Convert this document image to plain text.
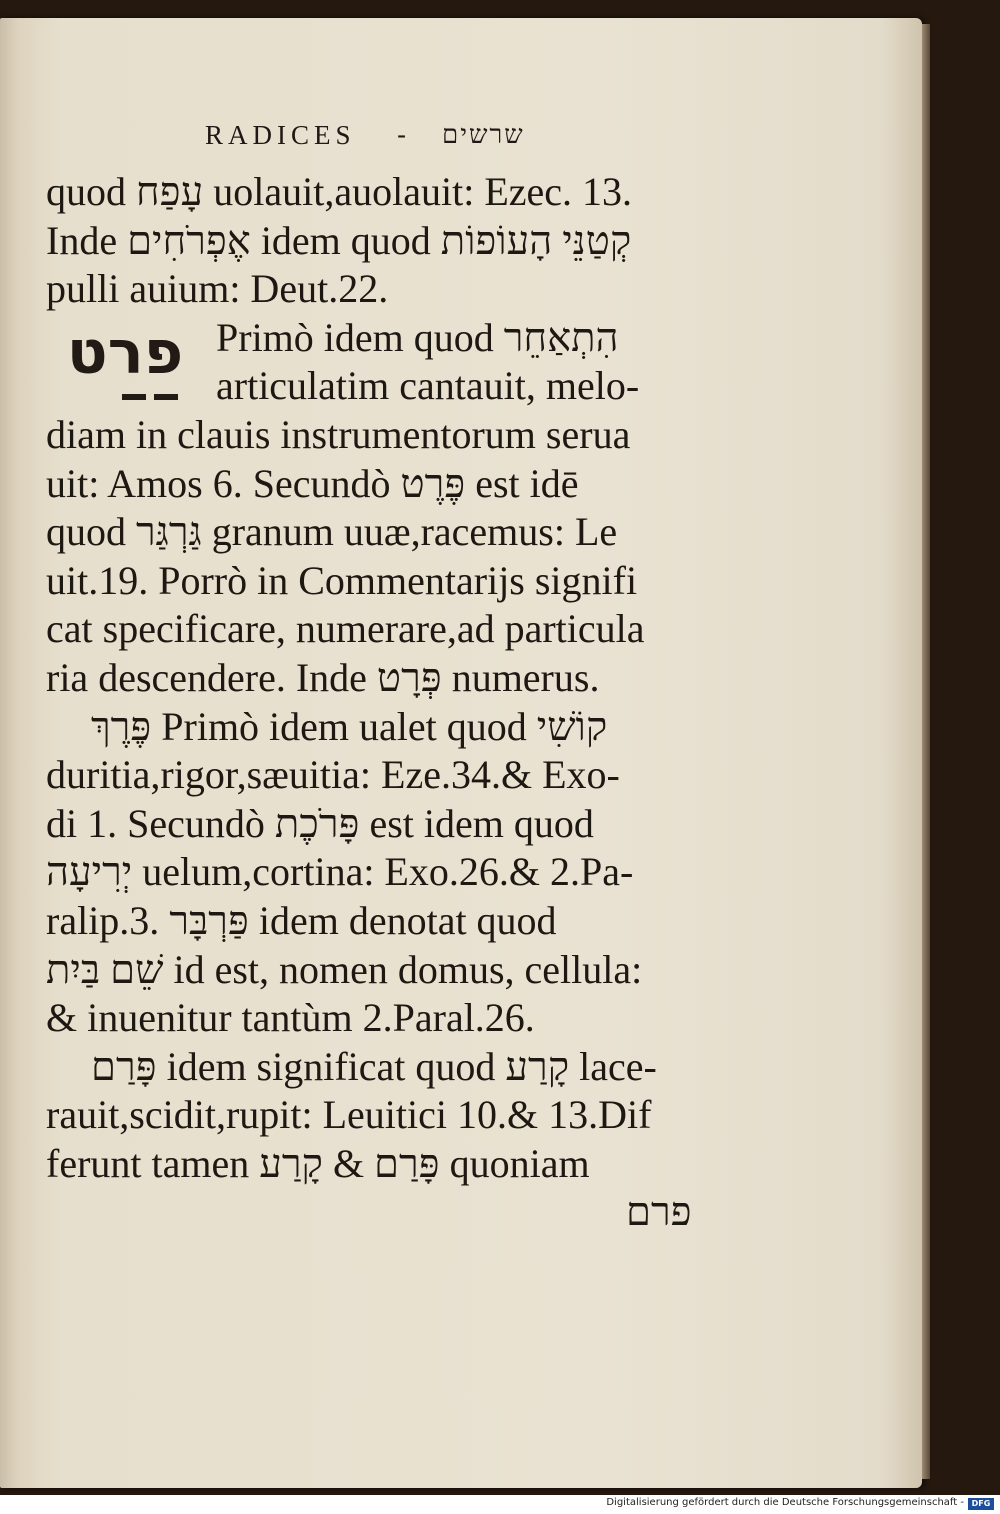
RADICES - שרשים
פרט
quod עָפַח uolauit,auolauit: Ezec. 13.
Inde אֶפְרֹחִים idem quod קְטַנֵּי הָעוֹפוֹת
pulli auium: Deut.22.
Primò idem quod הִתְאַחֵר
articulatim cantauit, melo-
diam in clauis instrumentorum serua
uit: Amos 6. Secundò פֶּרֶט est idē
quod גַּרְגַּר granum uuæ,racemus: Le
uit.19. Porrò in Commentarijs signifi
cat specificare, numerare,ad particula
ria descendere. Inde פְּרָט numerus.
פֶּרֶךְ Primò idem ualet quod קוֹשִׁי
duritia,rigor,sæuitia: Eze.34.& Exo-
di 1. Secundò פָּרֹכֶת est idem quod
יְרִיעָה uelum,cortina: Exo.26.& 2.Pa-
ralip.3. פַּרְבָּר idem denotat quod
שֵׁם בַּיִת id est, nomen domus, cellula:
& inuenitur tantùm 2.Paral.26.
פָּרַם idem significat quod קָרַע lace-
rauit,scidit,rupit: Leuitici 10.& 13.Dif
ferunt tamen פָּרַם & קָרַע quoniam
פרם
Digitalisierung gefördert durch die Deutsche Forschungsgemeinschaft - DFG
